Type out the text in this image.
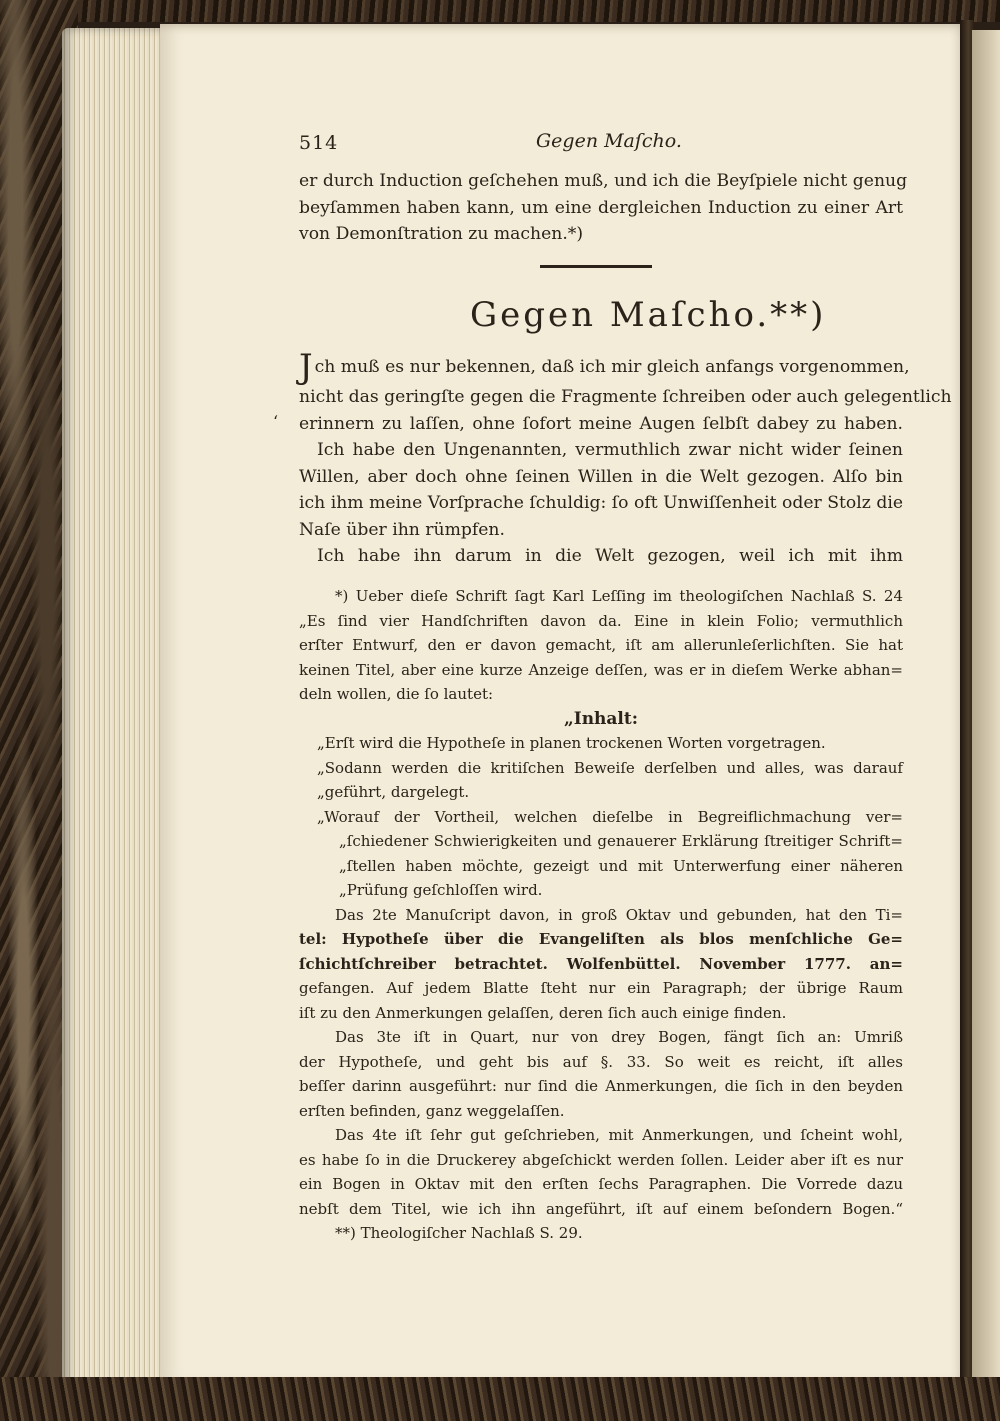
514	Gegen Maſcho.
er durch Induction geſchehen muß, und ich die Beyſpiele nicht genug
beyſammen haben kann, um eine dergleichen Induction zu einer Art
von Demonſtration zu machen.*)
Gegen Maſcho.**)
‘
Jch muß es nur bekennen, daß ich mir gleich anfangs vorgenommen,
nicht das geringſte gegen die Fragmente ſchreiben oder auch gelegentlich
erinnern zu laſſen, ohne ſofort meine Augen ſelbſt dabey zu haben.
Ich habe den Ungenannten, vermuthlich zwar nicht wider ſeinen
Willen, aber doch ohne ſeinen Willen in die Welt gezogen. Alſo bin
ich ihm meine Vorſprache ſchuldig: ſo oft Unwiſſenheit oder Stolz die
Naſe über ihn rümpfen.
Ich habe ihn darum in die Welt gezogen, weil ich mit ihm
*) Ueber dieſe Schrift ſagt Karl Leſſing im theologiſchen Nachlaß S. 24
„Es ſind vier Handſchriften davon da. Eine in klein Folio; vermuthlich
erſter Entwurf, den er davon gemacht, iſt am allerunleſerlichſten. Sie hat
keinen Titel, aber eine kurze Anzeige deſſen, was er in dieſem Werke abhan=
deln wollen, die ſo lautet:
„Inhalt:
„Erſt wird die Hypotheſe in planen trockenen Worten vorgetragen.
„Sodann werden die kritiſchen Beweiſe derſelben und alles, was darauf
„geführt, dargelegt.
„Worauf der Vortheil, welchen dieſelbe in Begreiflichmachung ver=
„ſchiedener Schwierigkeiten und genauerer Erklärung ſtreitiger Schrift=
„ſtellen haben möchte, gezeigt und mit Unterwerfung einer näheren
„Prüfung geſchloſſen wird.
Das 2te Manuſcript davon, in groß Oktav und gebunden, hat den Ti=
tel: Hypotheſe über die Evangeliſten als blos menſchliche Ge=
ſchichtſchreiber betrachtet. Wolfenbüttel. November 1777. an=
gefangen. Auf jedem Blatte ſteht nur ein Paragraph; der übrige Raum
iſt zu den Anmerkungen gelaſſen, deren ſich auch einige finden.
Das 3te iſt in Quart, nur von drey Bogen, fängt ſich an: Umriß
der Hypotheſe, und geht bis auf §. 33. So weit es reicht, iſt alles
beſſer darinn ausgeführt: nur ſind die Anmerkungen, die ſich in den beyden
erſten befinden, ganz weggelaſſen.
Das 4te iſt ſehr gut geſchrieben, mit Anmerkungen, und ſcheint wohl,
es habe ſo in die Druckerey abgeſchickt werden ſollen. Leider aber iſt es nur
ein Bogen in Oktav mit den erſten ſechs Paragraphen. Die Vorrede dazu
nebſt dem Titel, wie ich ihn angeführt, iſt auf einem beſondern Bogen.“
**) Theologiſcher Nachlaß S. 29.
